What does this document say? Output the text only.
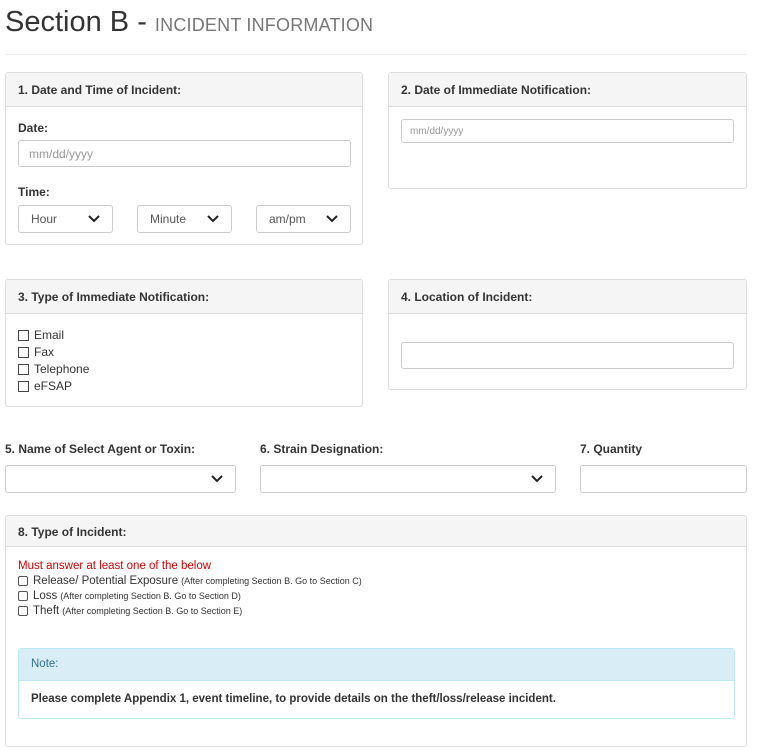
Section B - INCIDENT INFORMATION
1. Date and Time of Incident:
Date:
mm/dd/yyyy
Time:
Hour	Minute	am/pm
2. Date of Immediate Notification:
mm/dd/yyyy
3. Type of Immediate Notification:
Email
Fax
Telephone
eFSAP
4. Location of Incident:
5. Name of Select Agent or Toxin:	6. Strain Designation:	7. Quantity
8. Type of Incident:
Must answer at least one of the below
Release/ Potential Exposure (After completing Section B. Go to Section C)
Loss (After completing Section B. Go to Section D)
Theft (After completing Section B. Go to Section E)
Note:
Please complete Appendix 1, event timeline, to provide details on the theft/loss/release incident.
